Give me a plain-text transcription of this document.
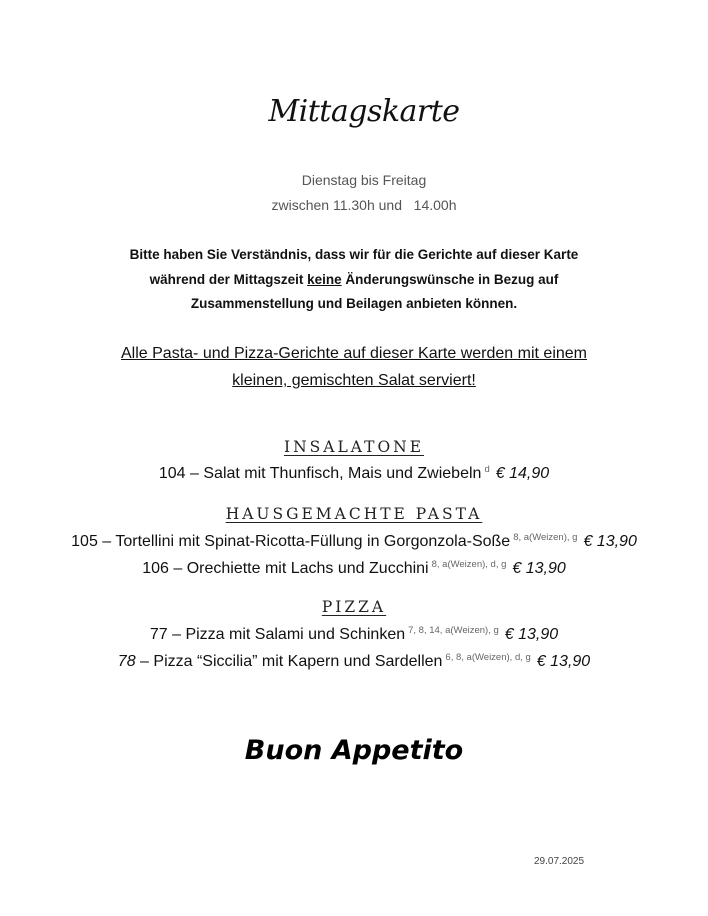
Mittagskarte
Dienstag bis Freitag
zwischen 11.30h und   14.00h
Bitte haben Sie Verständnis, dass wir für die Gerichte auf dieser Karte
während der Mittagszeit keine Änderungswünsche in Bezug auf
Zusammenstellung und Beilagen anbieten können.
Alle Pasta- und Pizza-Gerichte auf dieser Karte werden mit einem
kleinen, gemischten Salat serviert!
INSALATONE
104 – Salat mit Thunfisch, Mais und Zwiebeln $^d$ € 14,90
HAUSGEMACHTE PASTA
105 – Tortellini mit Spinat-Ricotta-Füllung in Gorgonzola-Soße $^{8, a(Weizen), g}$ € 13,90
106 – Orechiette mit Lachs und Zucchini $^{8, a(Weizen), d, g}$ € 13,90
PIZZA
77 – Pizza mit Salami und Schinken $^{7, 8, 14, a(Weizen), g}$ € 13,90
78 – Pizza “Siccilia” mit Kapern und Sardellen $^{6, 8, a(Weizen), d, g}$ € 13,90
Buon Appetito
29.07.2025
